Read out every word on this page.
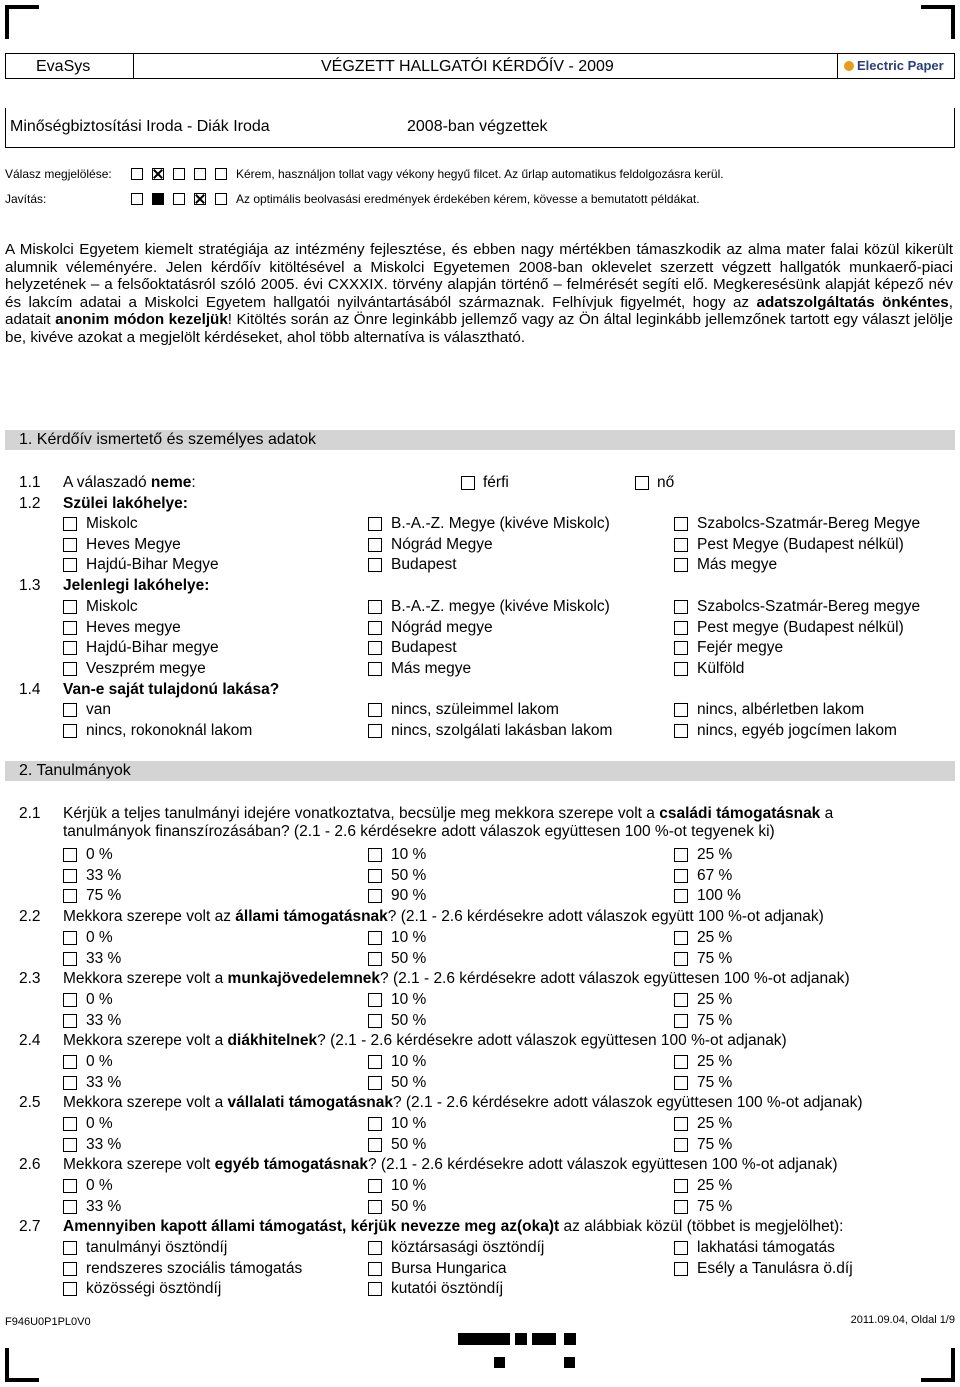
EvaSys	VÉGZETT HALLGATÓI KÉRDŐÍV - 2009	Electric Paper
Minőségbiztosítási Iroda - Diák Iroda	2008-ban végzettek
Válasz megjelölése:	Kérem, használjon tollat vagy vékony hegyű filcet. Az űrlap automatikus feldolgozásra kerül.
Javítás:	Az optimális beolvasási eredmények érdekében kérem, kövesse a bemutatott példákat.
A Miskolci Egyetem kiemelt stratégiája az intézmény fejlesztése, és ebben nagy mértékben támaszkodik az alma mater falai közül kikerült alumnik véleményére. Jelen kérdőív kitöltésével a Miskolci Egyetemen 2008-ban oklevelet szerzett végzett hallgatók munkaerő-piaci helyzetének – a felsőoktatásról szóló 2005. évi CXXXIX. törvény alapján történő – felmérését segíti elő. Megkeresésünk alapját képező név és lakcím adatai a Miskolci Egyetem hallgatói nyilvántartásából származnak. Felhívjuk figyelmét, hogy az adatszolgáltatás önkéntes, adatait anonim módon kezeljük! Kitöltés során az Önre leginkább jellemző vagy az Ön által leginkább jellemzőnek tartott egy választ jelölje be, kivéve azokat a megjelölt kérdéseket, ahol több alternatíva is választható.
1. Kérdőív ismertető és személyes adatok
1.1 A válaszadó neme:	férfi	nő
1.2 Szülei lakóhelye:
Miskolc	B.-A.-Z. Megye (kivéve Miskolc)	Szabolcs-Szatmár-Bereg Megye
Heves Megye	Nógrád Megye	Pest Megye (Budapest nélkül)
Hajdú-Bihar Megye	Budapest	Más megye
1.3 Jelenlegi lakóhelye:
Miskolc	B.-A.-Z. megye (kivéve Miskolc)	Szabolcs-Szatmár-Bereg megye
Heves megye	Nógrád megye	Pest megye (Budapest nélkül)
Hajdú-Bihar megye	Budapest	Fejér megye
Veszprém megye	Más megye	Külföld
1.4 Van-e saját tulajdonú lakása?
van	nincs, szüleimmel lakom	nincs, albérletben lakom
nincs, rokonoknál lakom	nincs, szolgálati lakásban lakom	nincs, egyéb jogcímen lakom
2. Tanulmányok
2.1 Kérjük a teljes tanulmányi idejére vonatkoztatva, becsülje meg mekkora szerepe volt a családi támogatásnak a
tanulmányok finanszírozásában? (2.1 - 2.6 kérdésekre adott válaszok együttesen 100 %-ot tegyenek ki)
0 %	10 %	25 %
33 %	50 %	67 %
75 %	90 %	100 %
2.2 Mekkora szerepe volt az állami támogatásnak? (2.1 - 2.6 kérdésekre adott válaszok együtt 100 %-ot adjanak)
0 %	10 %	25 %
33 %	50 %	75 %
2.3 Mekkora szerepe volt a munkajövedelemnek? (2.1 - 2.6 kérdésekre adott válaszok együttesen 100 %-ot adjanak)
0 %	10 %	25 %
33 %	50 %	75 %
2.4 Mekkora szerepe volt a diákhitelnek? (2.1 - 2.6 kérdésekre adott válaszok együttesen 100 %-ot adjanak)
0 %	10 %	25 %
33 %	50 %	75 %
2.5 Mekkora szerepe volt a vállalati támogatásnak? (2.1 - 2.6 kérdésekre adott válaszok együttesen 100 %-ot adjanak)
0 %	10 %	25 %
33 %	50 %	75 %
2.6 Mekkora szerepe volt egyéb támogatásnak? (2.1 - 2.6 kérdésekre adott válaszok együttesen 100 %-ot adjanak)
0 %	10 %	25 %
33 %	50 %	75 %
2.7 Amennyiben kapott állami támogatást, kérjük nevezze meg az(oka)t az alábbiak közül (többet is megjelölhet):
tanulmányi ösztöndíj	köztársasági ösztöndíj	lakhatási támogatás
rendszeres szociális támogatás	Bursa Hungarica	Esély a Tanulásra ö.díj
közösségi ösztöndíj	kutatói ösztöndíj
F946U0P1PL0V0	2011.09.04, Oldal 1/9
